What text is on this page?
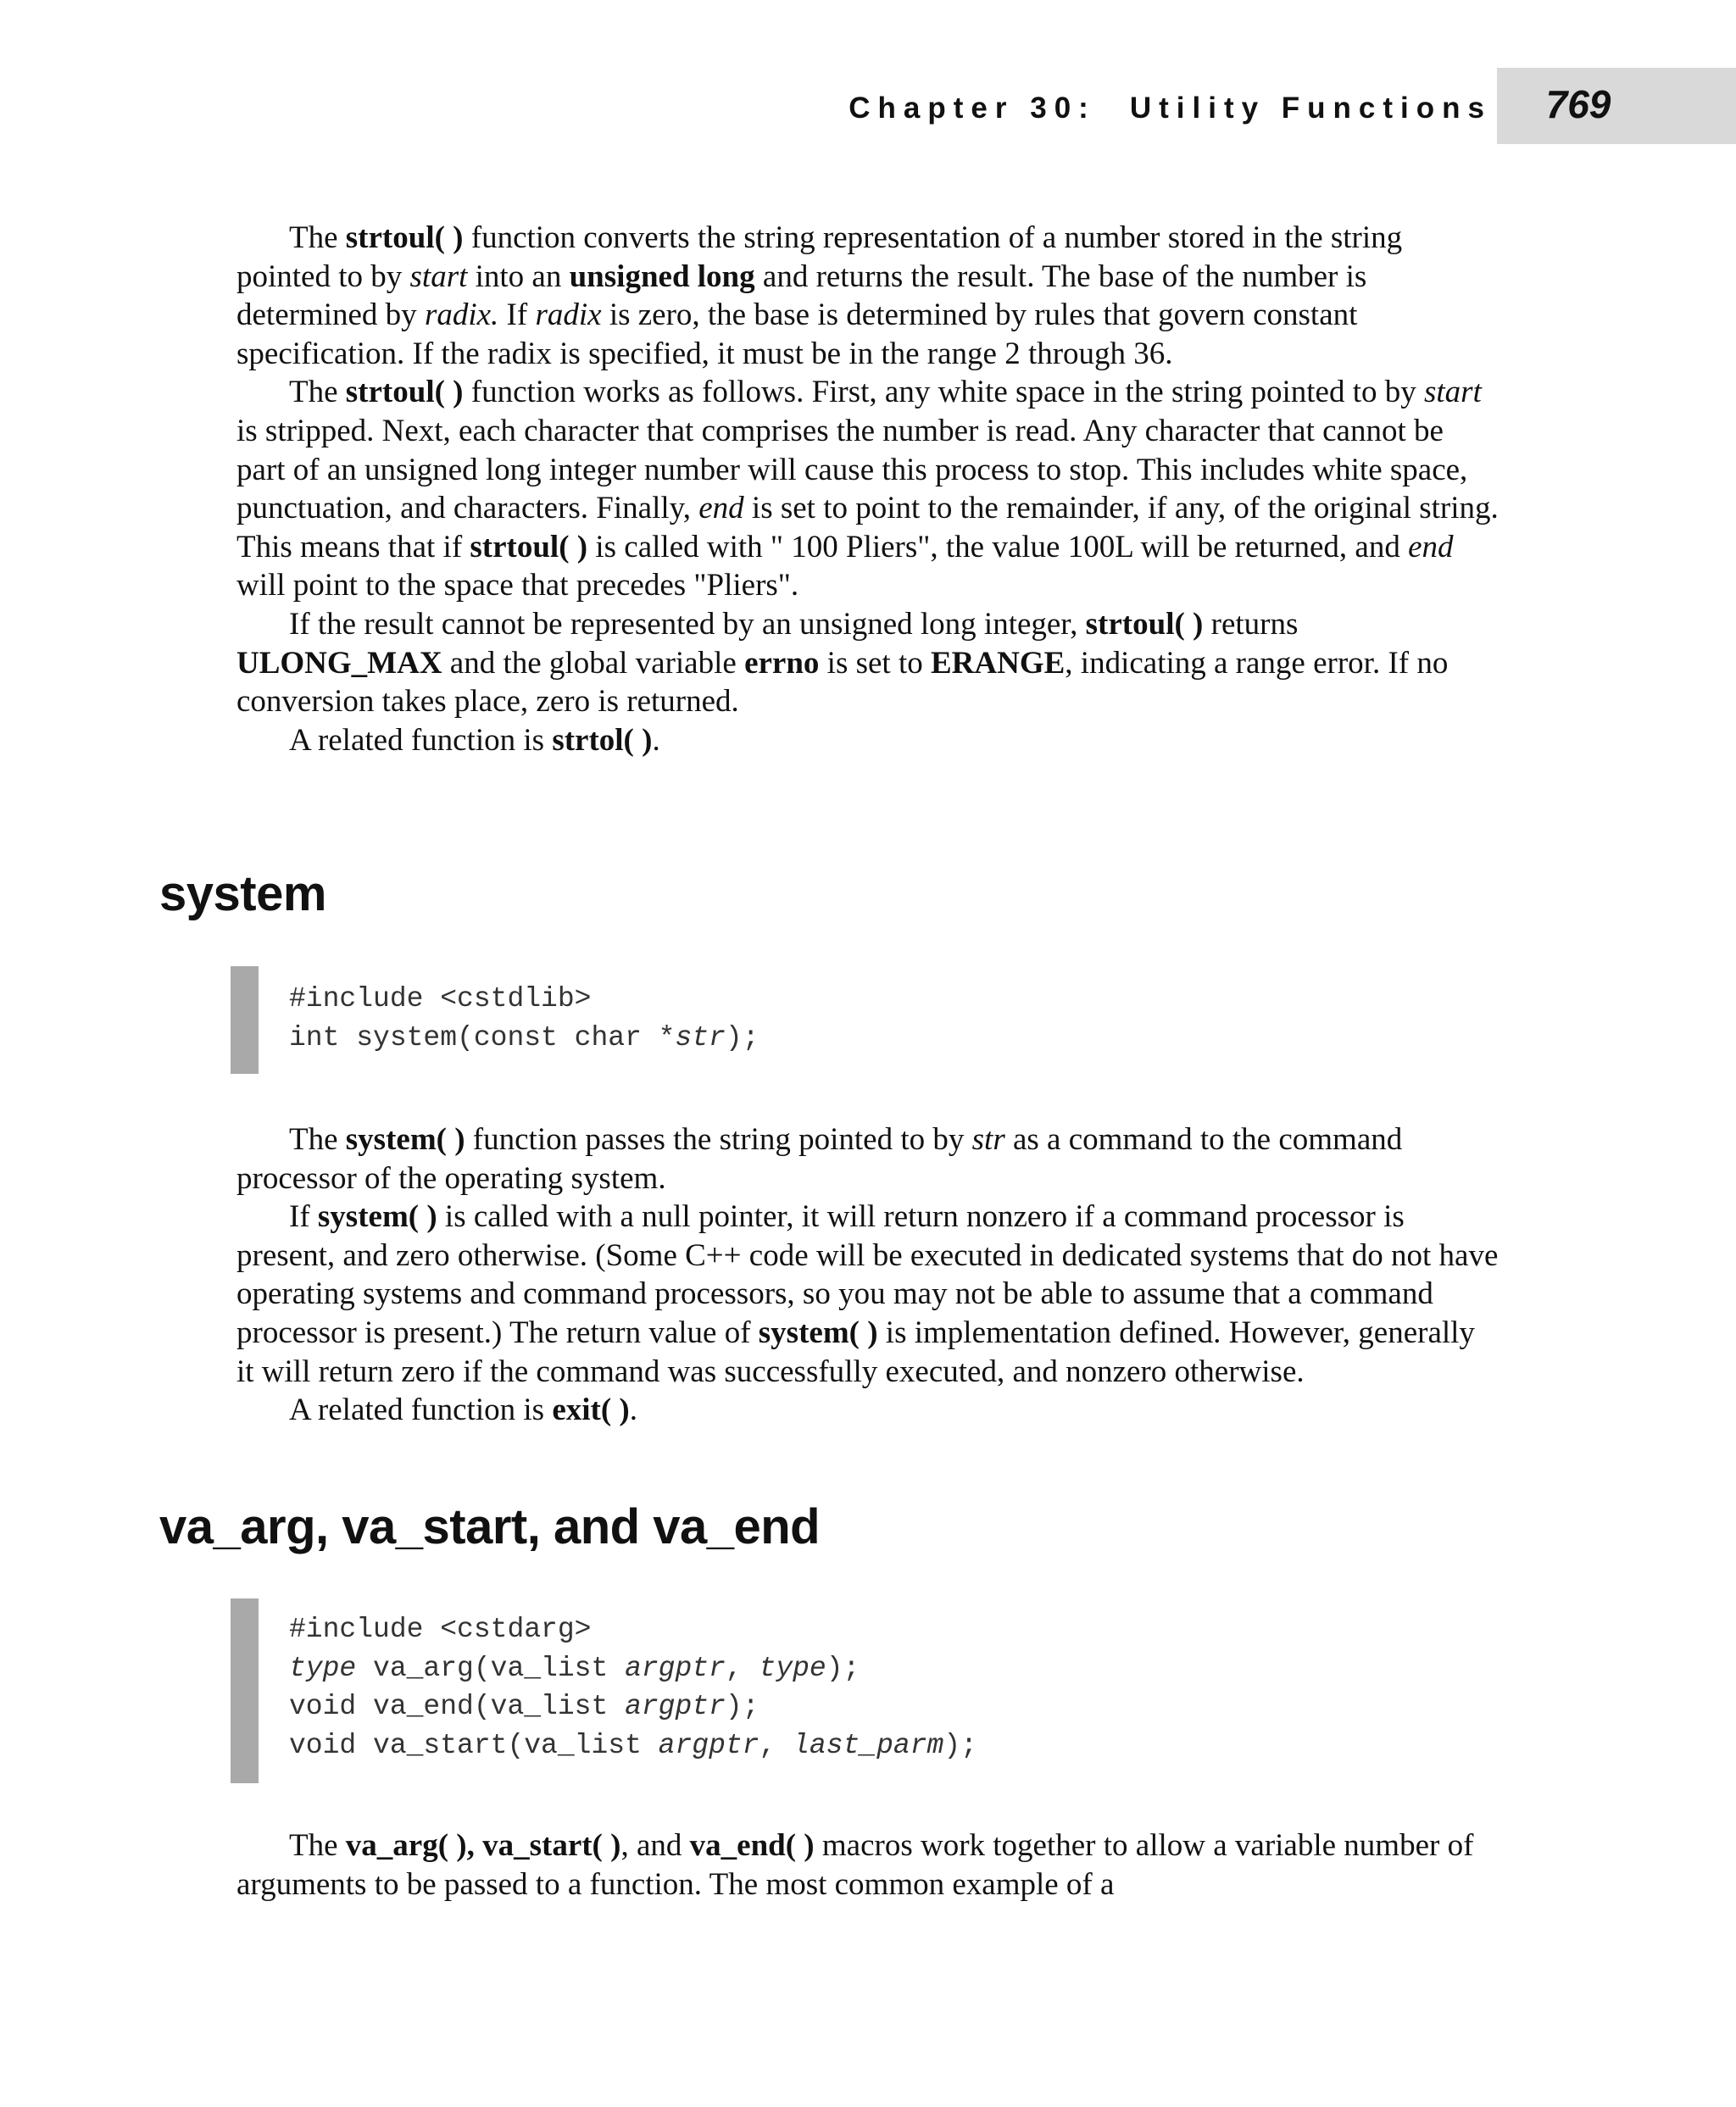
Chapter 30: Utility Functions	769

The strtoul( ) function converts the string representation of a number stored in the string pointed to by start into an unsigned long and returns the result. The base of the number is determined by radix. If radix is zero, the base is determined by rules that govern constant specification. If the radix is specified, it must be in the range 2 through 36.

The strtoul( ) function works as follows. First, any white space in the string pointed to by start is stripped. Next, each character that comprises the number is read. Any character that cannot be part of an unsigned long integer number will cause this process to stop. This includes white space, punctuation, and characters. Finally, end is set to point to the remainder, if any, of the original string. This means that if strtoul( ) is called with " 100 Pliers", the value 100L will be returned, and end will point to the space that precedes "Pliers".

If the result cannot be represented by an unsigned long integer, strtoul( ) returns ULONG_MAX and the global variable errno is set to ERANGE, indicating a range error. If no conversion takes place, zero is returned.

A related function is strtol( ).

system
#include <cstdlib>
int system(const char *str);

The system( ) function passes the string pointed to by str as a command to the command processor of the operating system.

If system( ) is called with a null pointer, it will return nonzero if a command processor is present, and zero otherwise. (Some C++ code will be executed in dedicated systems that do not have operating systems and command processors, so you may not be able to assume that a command processor is present.) The return value of system( ) is implementation defined. However, generally it will return zero if the command was successfully executed, and nonzero otherwise.

A related function is exit( ).

va_arg, va_start, and va_end
#include <cstdarg>
type va_arg(va_list argptr, type);
void va_end(va_list argptr);
void va_start(va_list argptr, last_parm);

The va_arg( ), va_start( ), and va_end( ) macros work together to allow a variable number of arguments to be passed to a function. The most common example of a
